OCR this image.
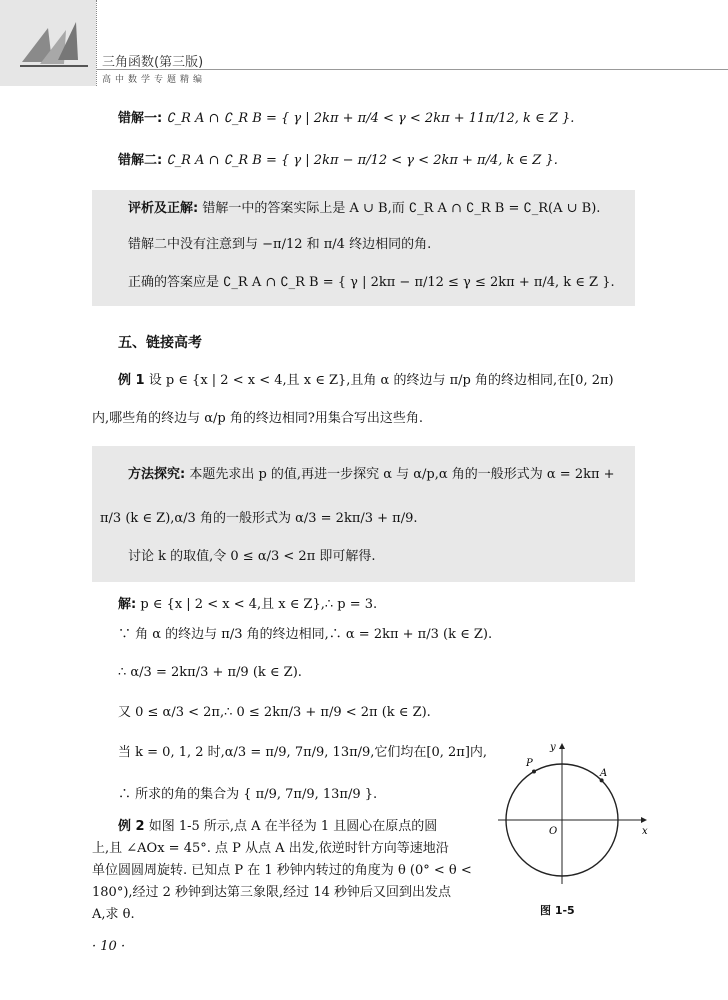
三角函数(第三版)
高中数学专题精编
错解一: ∁_R A ∩ ∁_R B = { γ | 2kπ + π/4 < γ < 2kπ + 11π/12, k ∈ Z }.
错解二: ∁_R A ∩ ∁_R B = { γ | 2kπ − π/12 < γ < 2kπ + π/4, k ∈ Z }.
评析及正解: 错解一中的答案实际上是 A ∪ B,而 ∁_R A ∩ ∁_R B = ∁_R(A ∪ B).
错解二中没有注意到与 −π/12 和 π/4 终边相同的角.
正确的答案应是 ∁_R A ∩ ∁_R B = { γ | 2kπ − π/12 ≤ γ ≤ 2kπ + π/4, k ∈ Z }.
五、链接高考
例 1 设 p ∈ {x | 2 < x < 4,且 x ∈ Z},且角 α 的终边与 π/p 角的终边相同,在[0, 2π)
内,哪些角的终边与 α/p 角的终边相同?用集合写出这些角.
方法探究: 本题先求出 p 的值,再进一步探究 α 与 α/p,α 角的一般形式为 α = 2kπ +
π/3 (k ∈ Z),α/3 角的一般形式为 α/3 = 2kπ/3 + π/9.
讨论 k 的取值,令 0 ≤ α/3 < 2π 即可解得.
解: p ∈ {x | 2 < x < 4,且 x ∈ Z},∴ p = 3.
∵ 角 α 的终边与 π/3 角的终边相同,∴ α = 2kπ + π/3 (k ∈ Z).
∴ α/3 = 2kπ/3 + π/9 (k ∈ Z).
又 0 ≤ α/3 < 2π,∴ 0 ≤ 2kπ/3 + π/9 < 2π (k ∈ Z).
当 k = 0, 1, 2 时,α/3 = π/9, 7π/9, 13π/9,它们均在[0, 2π]内,
∴ 所求的角的集合为 { π/9, 7π/9, 13π/9 }.
例 2 如图 1-5 所示,点 A 在半径为 1 且圆心在原点的圆
上,且 ∠AOx = 45°. 点 P 从点 A 出发,依逆时针方向等速地沿
单位圆圆周旋转. 已知点 P 在 1 秒钟内转过的角度为 θ (0° < θ <
180°),经过 2 秒钟到达第三象限,经过 14 秒钟后又回到出发点
A,求 θ.
y
x
O
P
A
图 1-5
· 10 ·
